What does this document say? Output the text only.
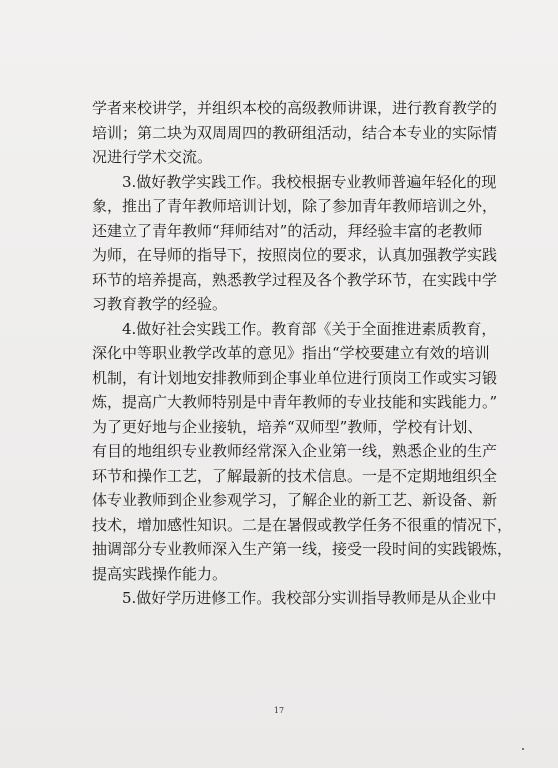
学者来校讲学，并组织本校的高级教师讲课，进行教育教学的
培训；第二块为双周周四的教研组活动，结合本专业的实际情
况进行学术交流。
3.做好教学实践工作。我校根据专业教师普遍年轻化的现
象，推出了青年教师培训计划，除了参加青年教师培训之外，
还建立了青年教师“拜师结对”的活动，拜经验丰富的老教师
为师，在导师的指导下，按照岗位的要求，认真加强教学实践
环节的培养提高，熟悉教学过程及各个教学环节，在实践中学
习教育教学的经验。
4.做好社会实践工作。教育部《关于全面推进素质教育，
深化中等职业教学改革的意见》指出“学校要建立有效的培训
机制，有计划地安排教师到企事业单位进行顶岗工作或实习锻
炼，提高广大教师特别是中青年教师的专业技能和实践能力。”
为了更好地与企业接轨，培养“双师型”教师，学校有计划、
有目的地组织专业教师经常深入企业第一线，熟悉企业的生产
环节和操作工艺，了解最新的技术信息。一是不定期地组织全
体专业教师到企业参观学习，了解企业的新工艺、新设备、新
技术，增加感性知识。二是在暑假或教学任务不很重的情况下，
抽调部分专业教师深入生产第一线，接受一段时间的实践锻炼，
提高实践操作能力。
5.做好学历进修工作。我校部分实训指导教师是从企业中
17
